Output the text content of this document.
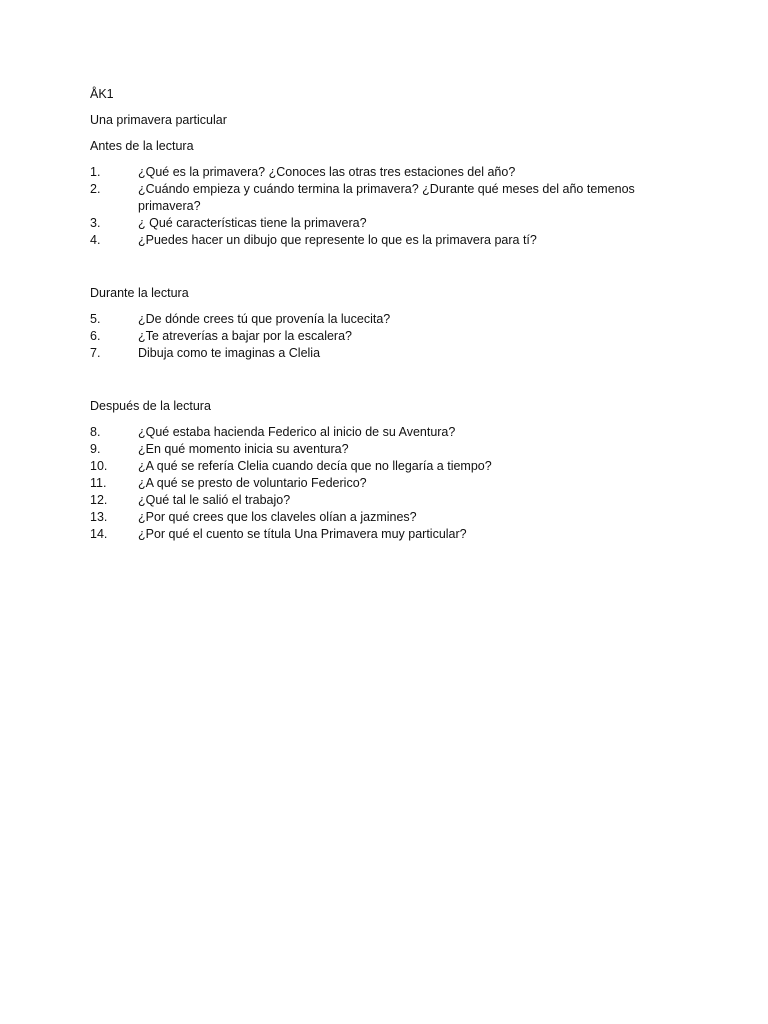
ÅK1

Una primavera particular

Antes de la lectura

1.	¿Qué es la primavera? ¿Conoces las otras tres estaciones del año?
2.	¿Cuándo empieza y cuándo termina la primavera? ¿Durante qué meses del año temenos primavera?
3.	¿ Qué características tiene la primavera?
4.	¿Puedes hacer un dibujo que represente lo que es la primavera para tí?

Durante la lectura

5.	¿De dónde crees tú que provenía la lucecita?
6.	¿Te atreverías a bajar por la escalera?
7.	Dibuja como te imaginas a Clelia

Después de la lectura

8.	¿Qué estaba hacienda Federico al inicio de su Aventura?
9.	¿En qué momento inicia su aventura?
10.	¿A qué se refería Clelia cuando decía que no llegaría a tiempo?
11.	¿A qué se presto de voluntario Federico?
12.	¿Qué tal le salió el trabajo?
13.	¿Por qué crees que los claveles olían a jazmines?
14.	¿Por qué el cuento se títula Una Primavera muy particular?
